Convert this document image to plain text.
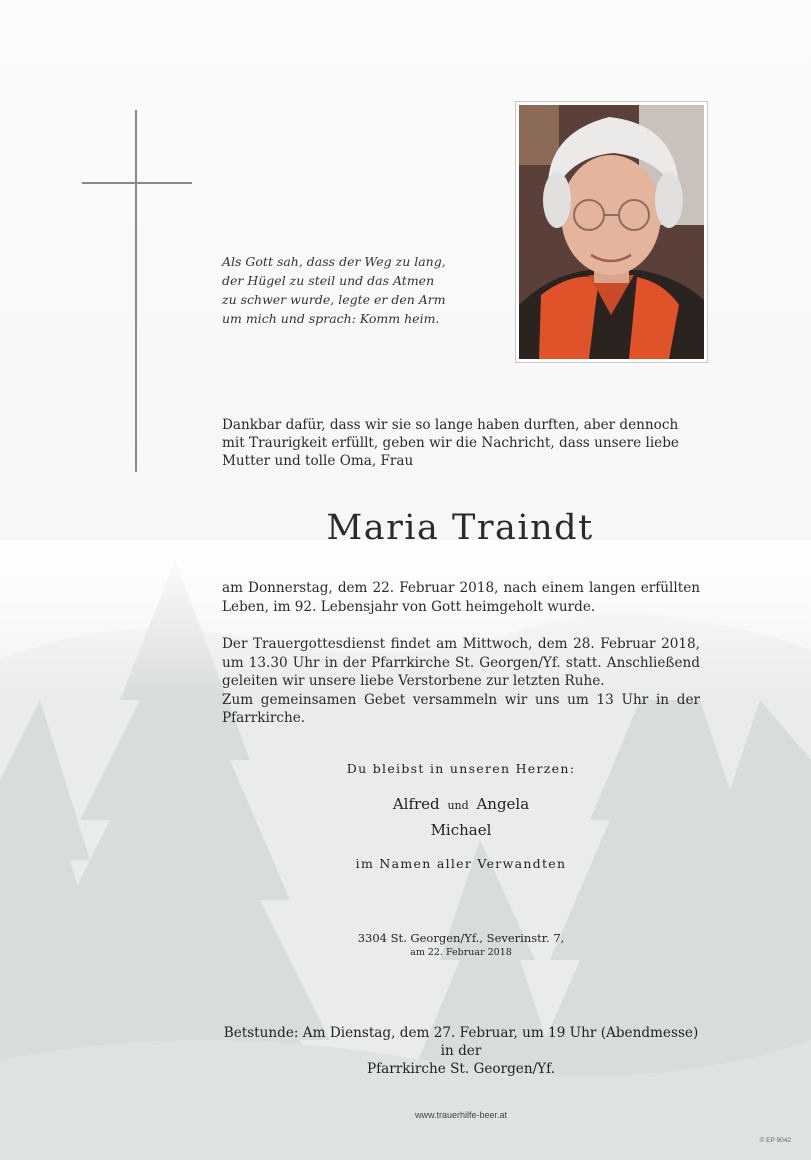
Als Gott sah, dass der Weg zu lang,
der Hügel zu steil und das Atmen
zu schwer wurde, legte er den Arm
um mich und sprach: Komm heim.
Dankbar dafür, dass wir sie so lange haben durften, aber dennoch
mit Traurigkeit erfüllt, geben wir die Nachricht, dass unsere liebe
Mutter und tolle Oma, Frau
Maria Traindt
am Donnerstag, dem 22. Februar 2018, nach einem langen erfüllten Leben, im 92. Lebensjahr von Gott heimgeholt wurde.
Der Trauergottesdienst findet am Mittwoch, dem 28. Februar 2018, um 13.30 Uhr in der Pfarrkirche St. Georgen/Yf. statt. Anschließend geleiten wir unsere liebe Verstorbene zur letzten Ruhe.
Zum gemeinsamen Gebet versammeln wir uns um 13 Uhr in der Pfarrkirche.
Du bleibst in unseren Herzen:
Alfred und Angela
Michael
im Namen aller Verwandten
3304 St. Georgen/Yf., Severinstr. 7,
am 22. Februar 2018
Betstunde: Am Dienstag, dem 27. Februar, um 19 Uhr (Abendmesse) in der
Pfarrkirche St. Georgen/Yf.
www.trauerhilfe-beer.at
© EP 9042
